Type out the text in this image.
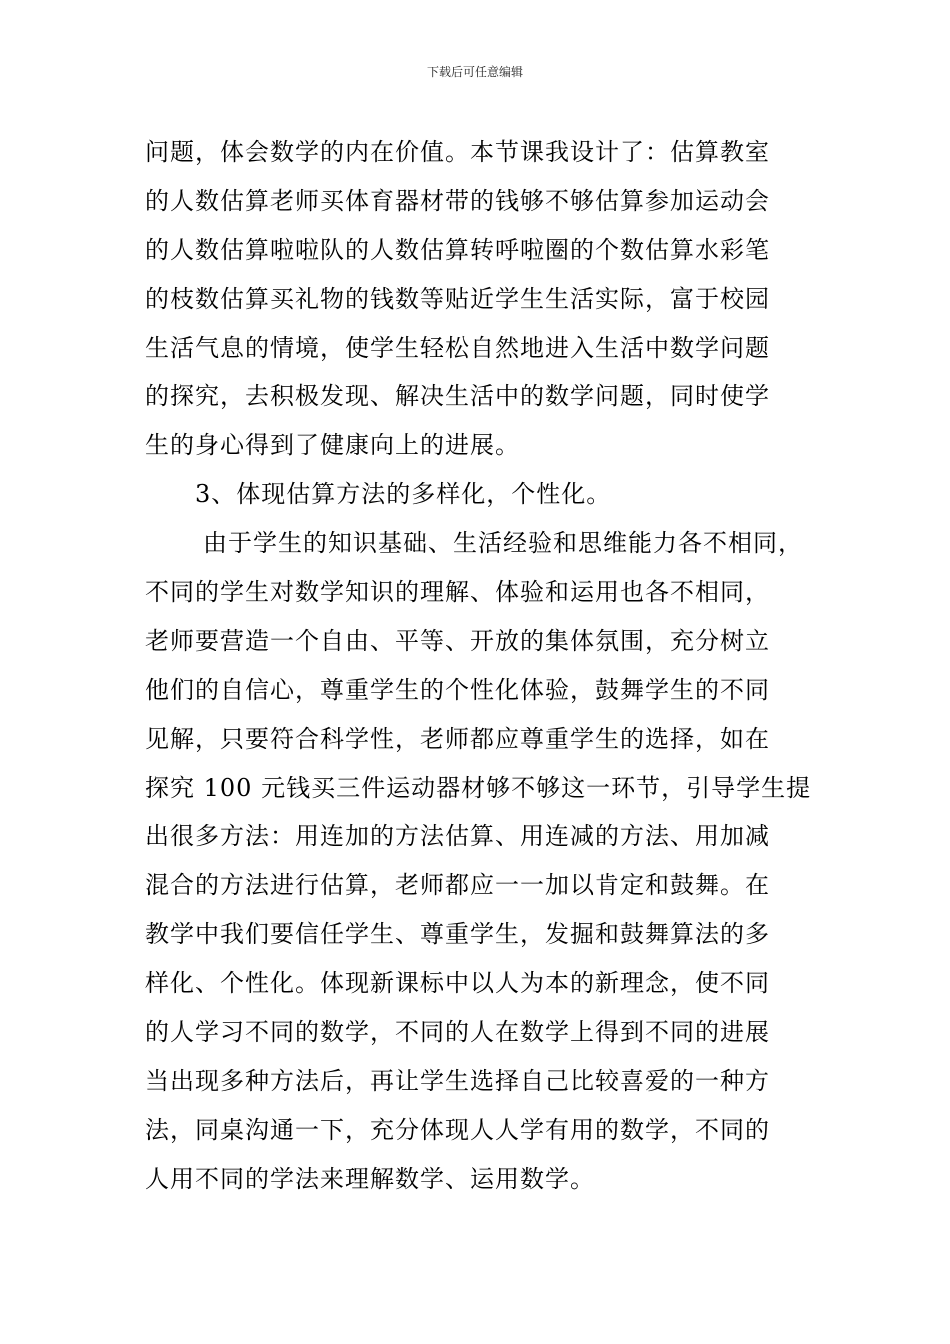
下载后可任意编辑
问题，体会数学的内在价值。本节课我设计了：估算教室
的人数估算老师买体育器材带的钱够不够估算参加运动会
的人数估算啦啦队的人数估算转呼啦圈的个数估算水彩笔
的枝数估算买礼物的钱数等贴近学生生活实际，富于校园
生活气息的情境，使学生轻松自然地进入生活中数学问题
的探究，去积极发现、解决生活中的数学问题，同时使学
生的身心得到了健康向上的进展。
3、体现估算方法的多样化，个性化。
由于学生的知识基础、生活经验和思维能力各不相同，
不同的学生对数学知识的理解、体验和运用也各不相同，
老师要营造一个自由、平等、开放的集体氛围，充分树立
他们的自信心，尊重学生的个性化体验，鼓舞学生的不同
见解，只要符合科学性，老师都应尊重学生的选择，如在
探究 100 元钱买三件运动器材够不够这一环节，引导学生提
出很多方法：用连加的方法估算、用连减的方法、用加减
混合的方法进行估算，老师都应一一加以肯定和鼓舞。在
教学中我们要信任学生、尊重学生，发掘和鼓舞算法的多
样化、个性化。体现新课标中以人为本的新理念，使不同
的人学习不同的数学，不同的人在数学上得到不同的进展
当出现多种方法后，再让学生选择自己比较喜爱的一种方
法，同桌沟通一下，充分体现人人学有用的数学，不同的
人用不同的学法来理解数学、运用数学。
